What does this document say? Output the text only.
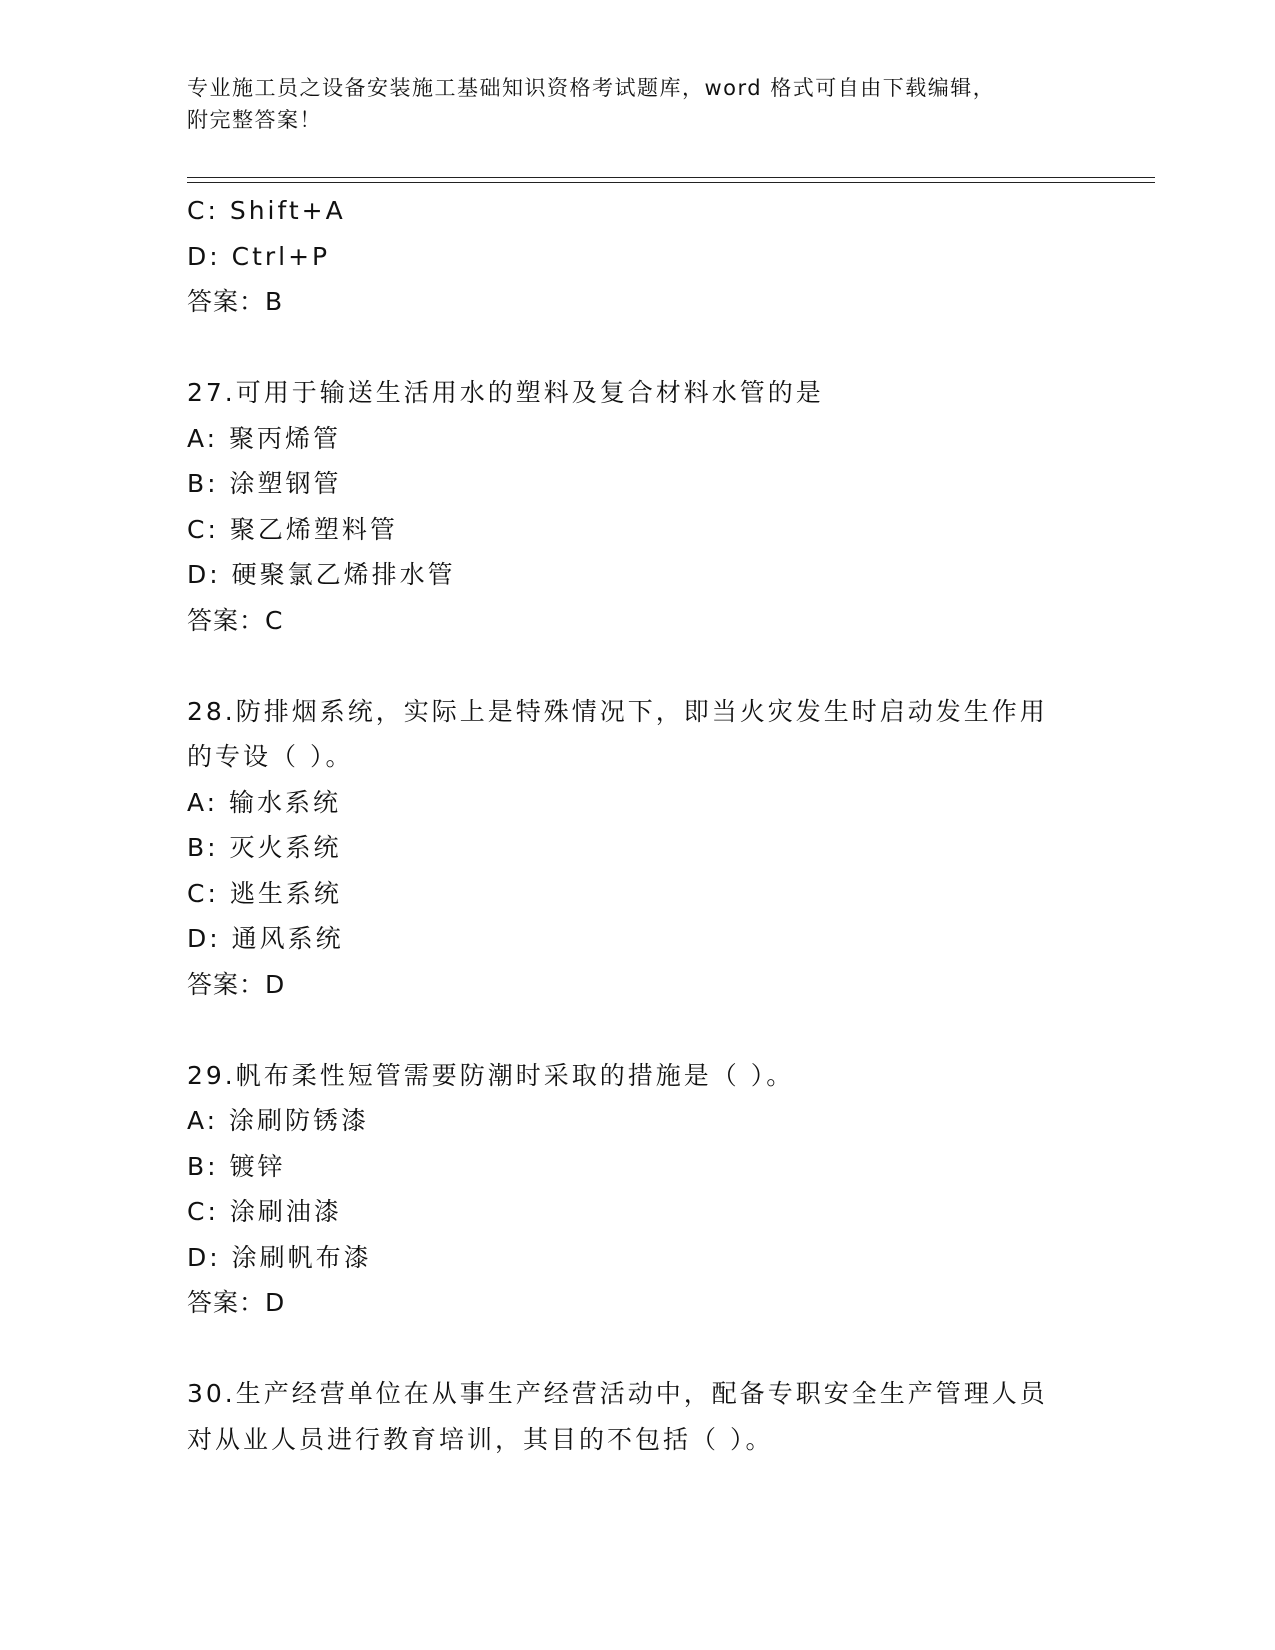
专业施工员之设备安装施工基础知识资格考试题库，word 格式可自由下载编辑，
附完整答案！
C: Shift+A
D: Ctrl+P
答案：B
27.可用于输送生活用水的塑料及复合材料水管的是
A: 聚丙烯管
B: 涂塑钢管
C: 聚乙烯塑料管
D: 硬聚氯乙烯排水管
答案：C
28.防排烟系统，实际上是特殊情况下，即当火灾发生时启动发生作用
的专设（ ）。
A: 输水系统
B: 灭火系统
C: 逃生系统
D: 通风系统
答案：D
29.帆布柔性短管需要防潮时采取的措施是（ ）。
A: 涂刷防锈漆
B: 镀锌
C: 涂刷油漆
D: 涂刷帆布漆
答案：D
30.生产经营单位在从事生产经营活动中，配备专职安全生产管理人员
对从业人员进行教育培训，其目的不包括（ ）。
